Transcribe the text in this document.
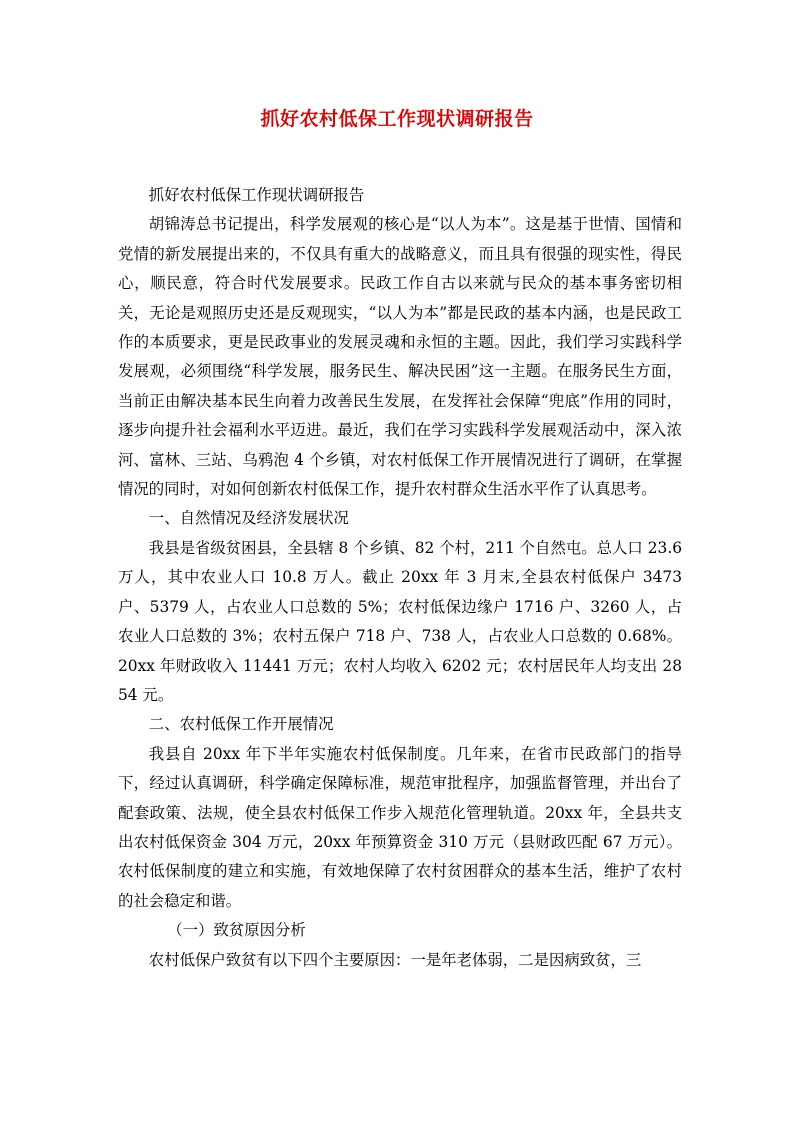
抓好农村低保工作现状调研报告

抓好农村低保工作现状调研报告

胡锦涛总书记提出，科学发展观的核心是“以人为本”。这是基于世情、国情和党情的新发展提出来的，不仅具有重大的战略意义，而且具有很强的现实性，得民心，顺民意，符合时代发展要求。民政工作自古以来就与民众的基本事务密切相关，无论是观照历史还是反观现实，“以人为本”都是民政的基本内涵，也是民政工作的本质要求，更是民政事业的发展灵魂和永恒的主题。因此，我们学习实践科学发展观，必须围绕“科学发展，服务民生、解决民困”这一主题。在服务民生方面，当前正由解决基本民生向着力改善民生发展，在发挥社会保障“兜底”作用的同时，逐步向提升社会福利水平迈进。最近，我们在学习实践科学发展观活动中，深入浓河、富林、三站、乌鸦泡 4 个乡镇，对农村低保工作开展情况进行了调研，在掌握情况的同时，对如何创新农村低保工作，提升农村群众生活水平作了认真思考。

一、自然情况及经济发展状况

我县是省级贫困县，全县辖 8 个乡镇、82 个村，211 个自然屯。总人口 23.6 万人，其中农业人口 10.8 万人。截止 20xx 年 3 月末,全县农村低保户 3473 户、5379 人，占农业人口总数的 5%；农村低保边缘户 1716 户、3260 人，占农业人口总数的 3%；农村五保户 718 户、738 人，占农业人口总数的 0.68%。20xx 年财政收入 11441 万元；农村人均收入 6202 元；农村居民年人均支出 2854 元。

二、农村低保工作开展情况

我县自 20xx 年下半年实施农村低保制度。几年来，在省市民政部门的指导下，经过认真调研，科学确定保障标准，规范审批程序，加强监督管理，并出台了配套政策、法规，使全县农村低保工作步入规范化管理轨道。20xx 年，全县共支出农村低保资金 304 万元，20xx 年预算资金 310 万元（县财政匹配 67 万元）。农村低保制度的建立和实施，有效地保障了农村贫困群众的基本生活，维护了农村的社会稳定和谐。

（一）致贫原因分析

农村低保户致贫有以下四个主要原因：一是年老体弱，二是因病致贫，三
